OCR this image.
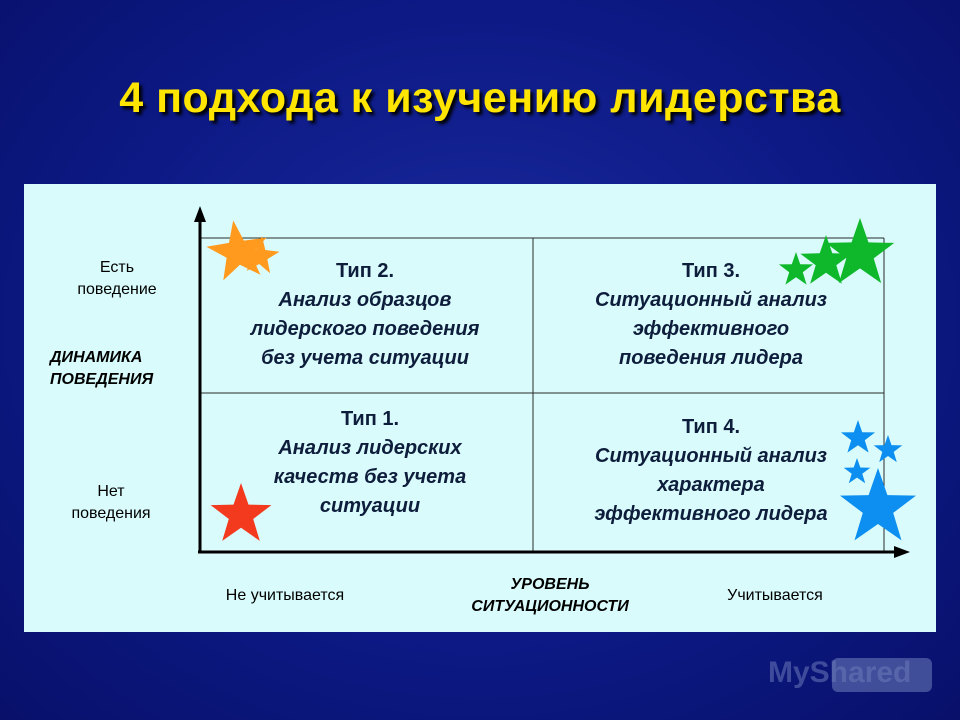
4 подхода к изучению лидерства
Есть
поведение
ДИНАМИКА
ПОВЕДЕНИЯ
Нет
поведения
Не учитывается
УРОВЕНЬ
СИТУАЦИОННОСТИ
Учитывается
Тип 2.
Анализ образцов
лидерского поведения
без учета ситуации
Тип 3.
Ситуационный анализ
эффективного
поведения лидера
Тип 1.
Анализ лидерских
качеств без учета
ситуации
Тип 4.
Ситуационный анализ
характера
эффективного лидера
MyShared
